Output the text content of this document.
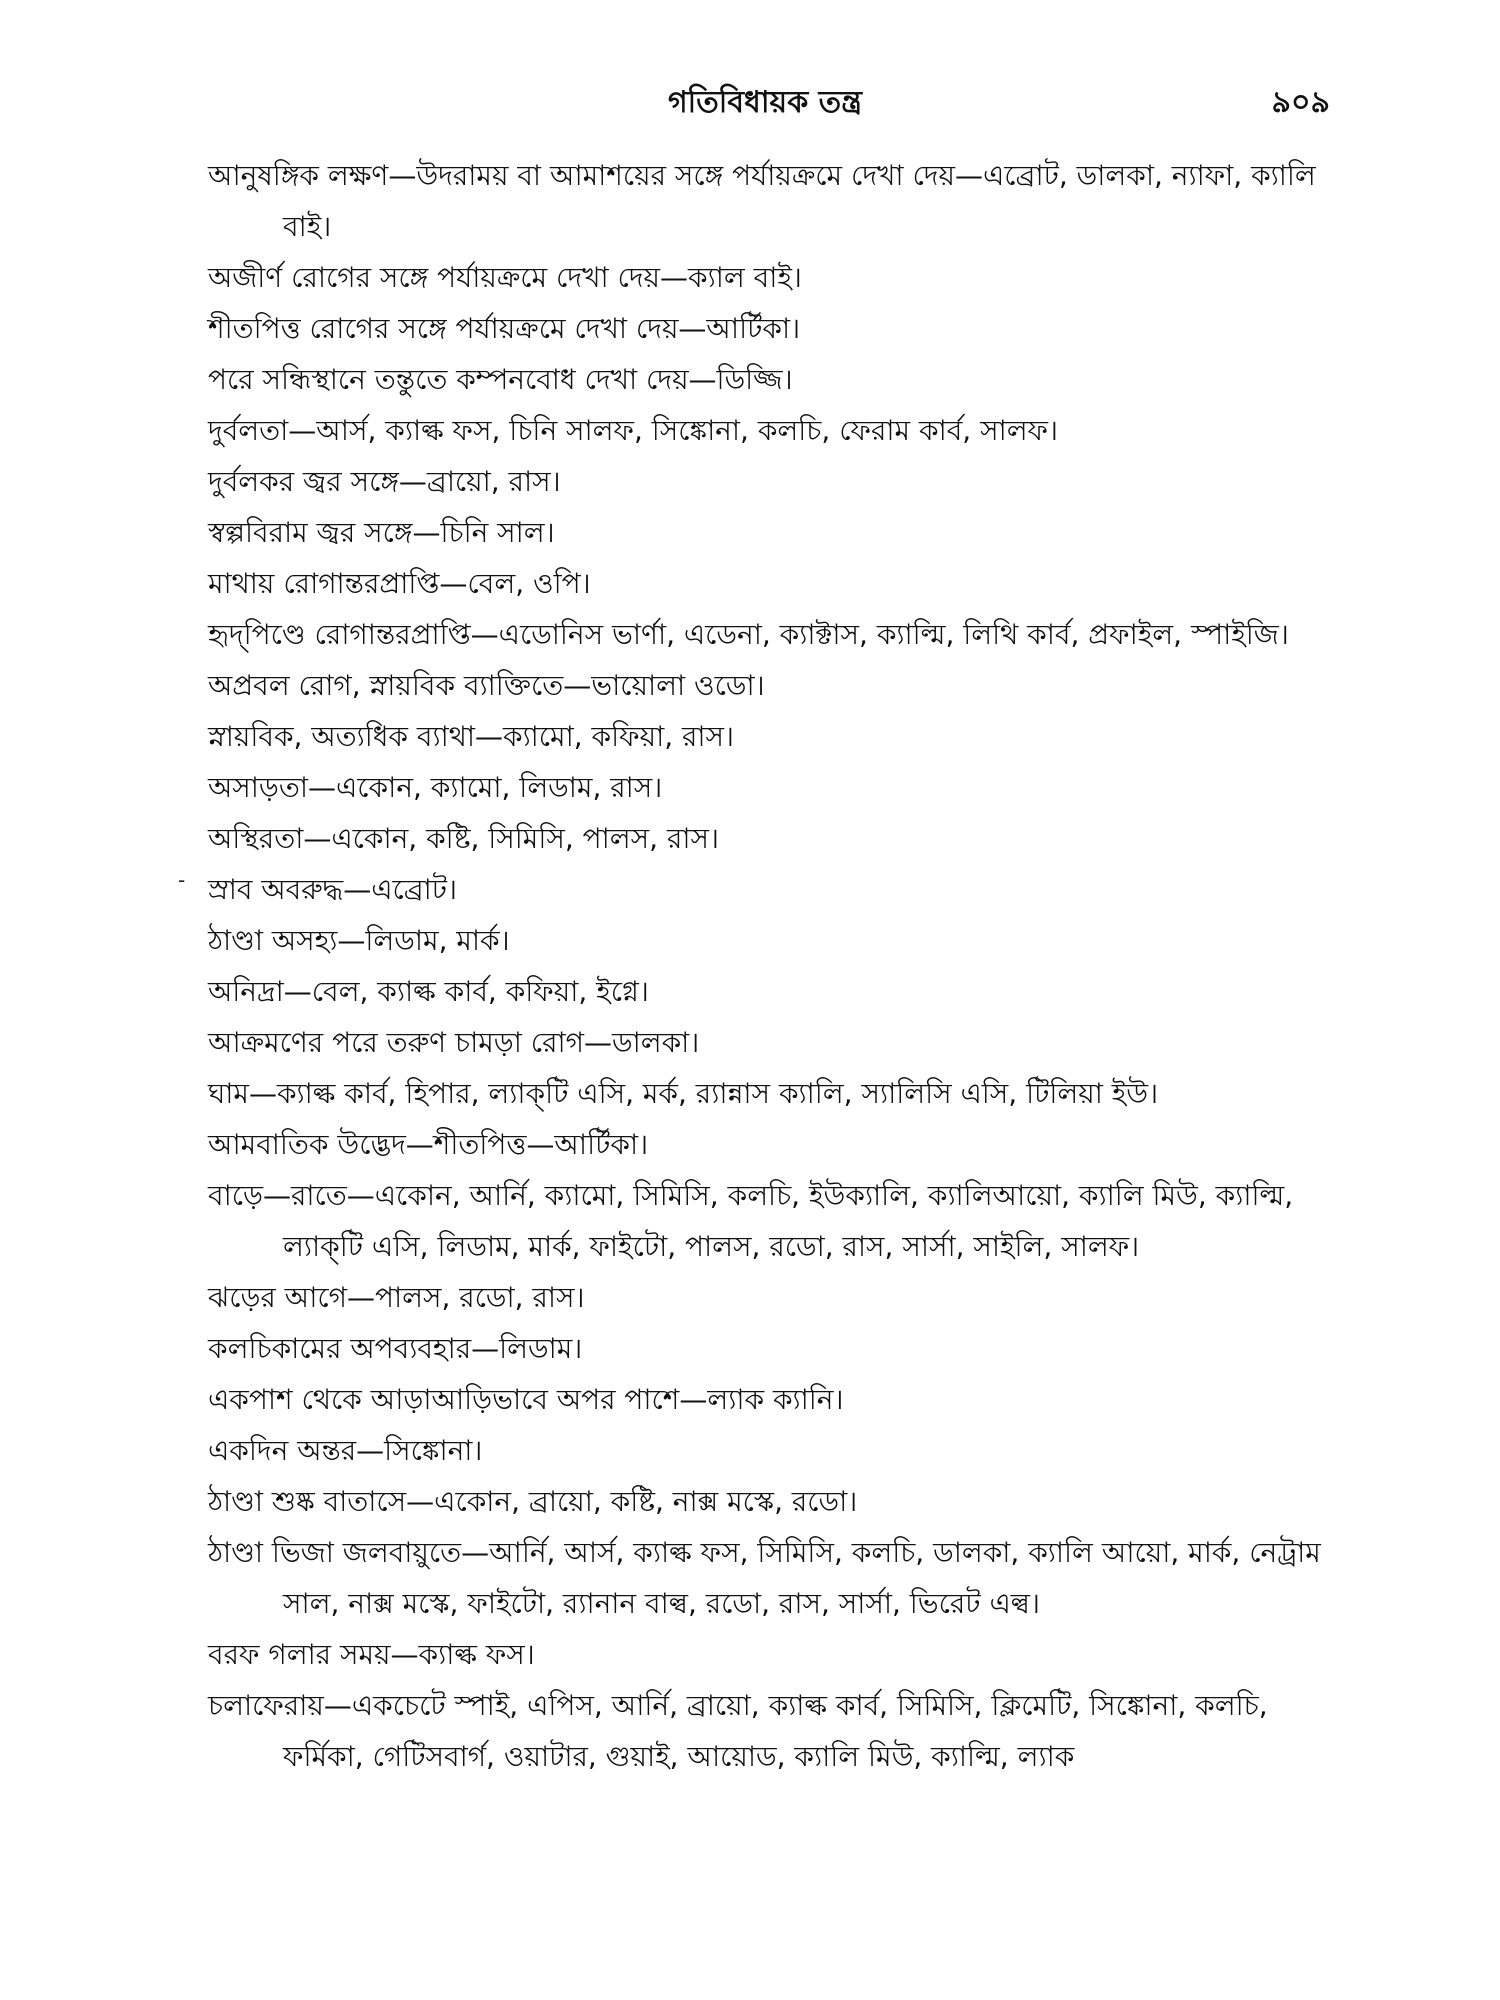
গতিবিধায়ক তন্ত্র	৯০৯
-

আনুষঙ্গিক লক্ষণ—উদরাময় বা আমাশয়ের সঙ্গে পর্যায়ক্রমে দেখা দেয়—এব্রোট, ডালকা, ন্যাফা, ক্যালি বাই।

অজীর্ণ রোগের সঙ্গে পর্যায়ক্রমে দেখা দেয়—ক্যাল বাই।

শীতপিত্ত রোগের সঙ্গে পর্যায়ক্রমে দেখা দেয়—আর্টিকা।

পরে সন্ধিস্থানে তন্তুতে কম্পনবোধ দেখা দেয়—ডিজ্জি।

দুর্বলতা—আর্স, ক্যাল্ক ফস, চিনি সালফ, সিঙ্কোনা, কলচি, ফেরাম কার্ব, সালফ।

দুর্বলকর জ্বর সঙ্গে—ব্রায়ো, রাস।

স্বল্পবিরাম জ্বর সঙ্গে—চিনি সাল।

মাথায় রোগান্তরপ্রাপ্তি—বেল, ওপি।

হৃদ্‌পিণ্ডে রোগান্তরপ্রাপ্তি—এডোনিস ভার্ণা, এডেনা, ক্যাক্টাস, ক্যাল্মি, লিথি কার্ব, প্রফাইল, স্পাইজি।

অপ্রবল রোগ, স্নায়বিক ব্যাক্তিতে—ভায়োলা ওডো।

স্নায়বিক, অত্যধিক ব্যাথা—ক্যামো, কফিয়া, রাস।

অসাড়তা—একোন, ক্যামো, লিডাম, রাস।

অস্থিরতা—একোন, কষ্টি, সিমিসি, পালস, রাস।

স্রাব অবরুদ্ধ—এব্রোট।

ঠাণ্ডা অসহ্য—লিডাম, মার্ক।

অনিদ্রা—বেল, ক্যাল্ক কার্ব, কফিয়া, ইগ্নে।

আক্রমণের পরে তরুণ চামড়া রোগ—ডালকা।

ঘাম—ক্যাল্ক কার্ব, হিপার, ল্যাক্‌টি এসি, মর্ক, র‍্যান্নাস ক্যালি, স্যালিসি এসি, টিলিয়া ইউ।

আমবাতিক উদ্ভেদ—শীতপিত্ত—আর্টিকা।

বাড়ে—রাতে—একোন, আর্নি, ক্যামো, সিমিসি, কলচি, ইউক্যালি, ক্যালিআয়ো, ক্যালি মিউ, ক্যাল্মি, ল্যাক্‌টি এসি, লিডাম, মার্ক, ফাইটো, পালস, রডো, রাস, সার্সা, সাইলি, সালফ।

ঝড়ের আগে—পালস, রডো, রাস।

কলচিকামের অপব্যবহার—লিডাম।

একপাশ থেকে আড়াআড়িভাবে অপর পাশে—ল্যাক ক্যানি।

একদিন অন্তর—সিঙ্কোনা।

ঠাণ্ডা শুষ্ক বাতাসে—একোন, ব্রায়ো, কষ্টি, নাক্স মস্কে, রডো।

ঠাণ্ডা ভিজা জলবায়ুতে—আর্নি, আর্স, ক্যাল্ক ফস, সিমিসি, কলচি, ডালকা, ক্যালি আয়ো, মার্ক, নেট্রাম সাল, নাক্স মস্কে, ফাইটো, র‍্যানান বাল্ব, রডো, রাস, সার্সা, ভিরেট এল্ব।

বরফ গলার সময়—ক্যাল্ক ফস।

চলাফেরায়—একচেটে স্পাই, এপিস, আর্নি, ব্রায়ো, ক্যাল্ক কার্ব, সিমিসি, ক্লিমেটি, সিঙ্কোনা, কলচি, ফর্মিকা, গেটিসবার্গ, ওয়াটার, গুয়াই, আয়োড, ক্যালি মিউ, ক্যাল্মি, ল্যাক
